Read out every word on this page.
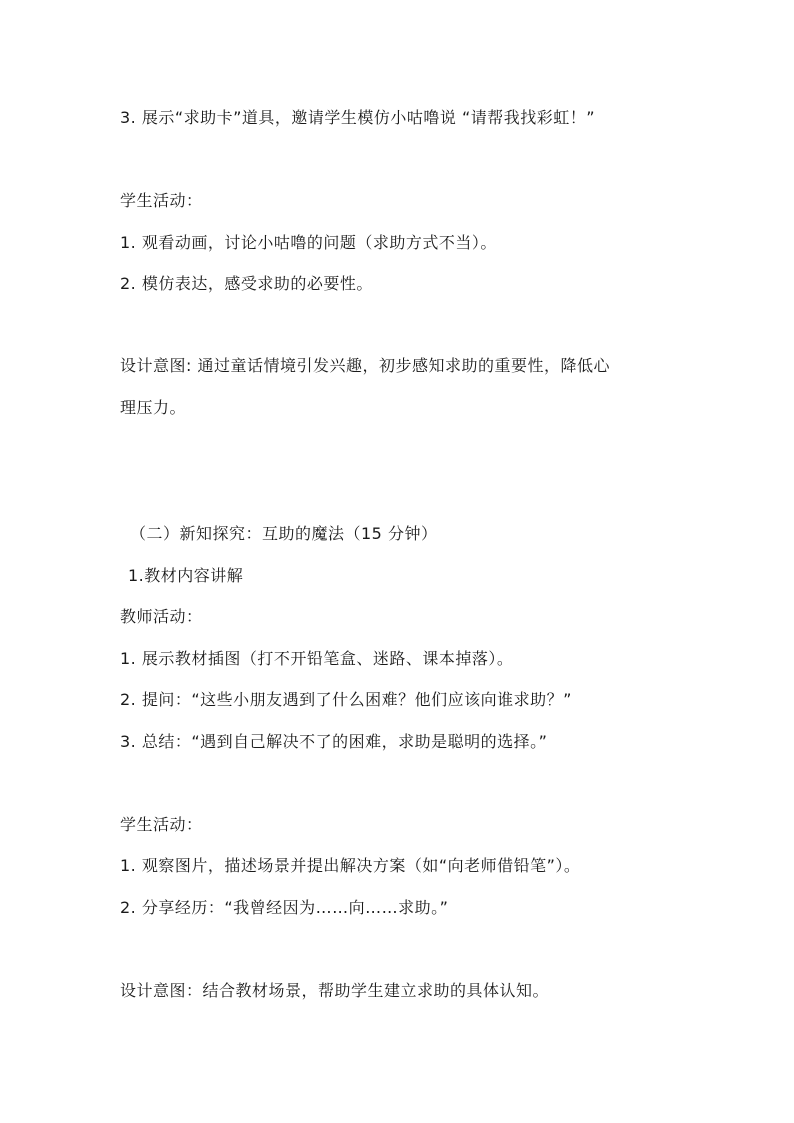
3. 展示“求助卡”道具，邀请学生模仿小咕噜说 “请帮我找彩虹！”
学生活动：
1. 观看动画，讨论小咕噜的问题（求助方式不当）。
2. 模仿表达，感受求助的必要性。
设计意图: 通过童话情境引发兴趣，初步感知求助的重要性，降低心
理压力。
（二）新知探究：互助的魔法（15 分钟）
1.教材内容讲解
教师活动：
1. 展示教材插图（打不开铅笔盒、迷路、课本掉落）。
2. 提问：“这些小朋友遇到了什么困难？他们应该向谁求助？”
3. 总结：“遇到自己解决不了的困难，求助是聪明的选择。”
学生活动：
1. 观察图片，描述场景并提出解决方案（如“向老师借铅笔”）。
2. 分享经历：“我曾经因为……向……求助。”
设计意图：结合教材场景，帮助学生建立求助的具体认知。
